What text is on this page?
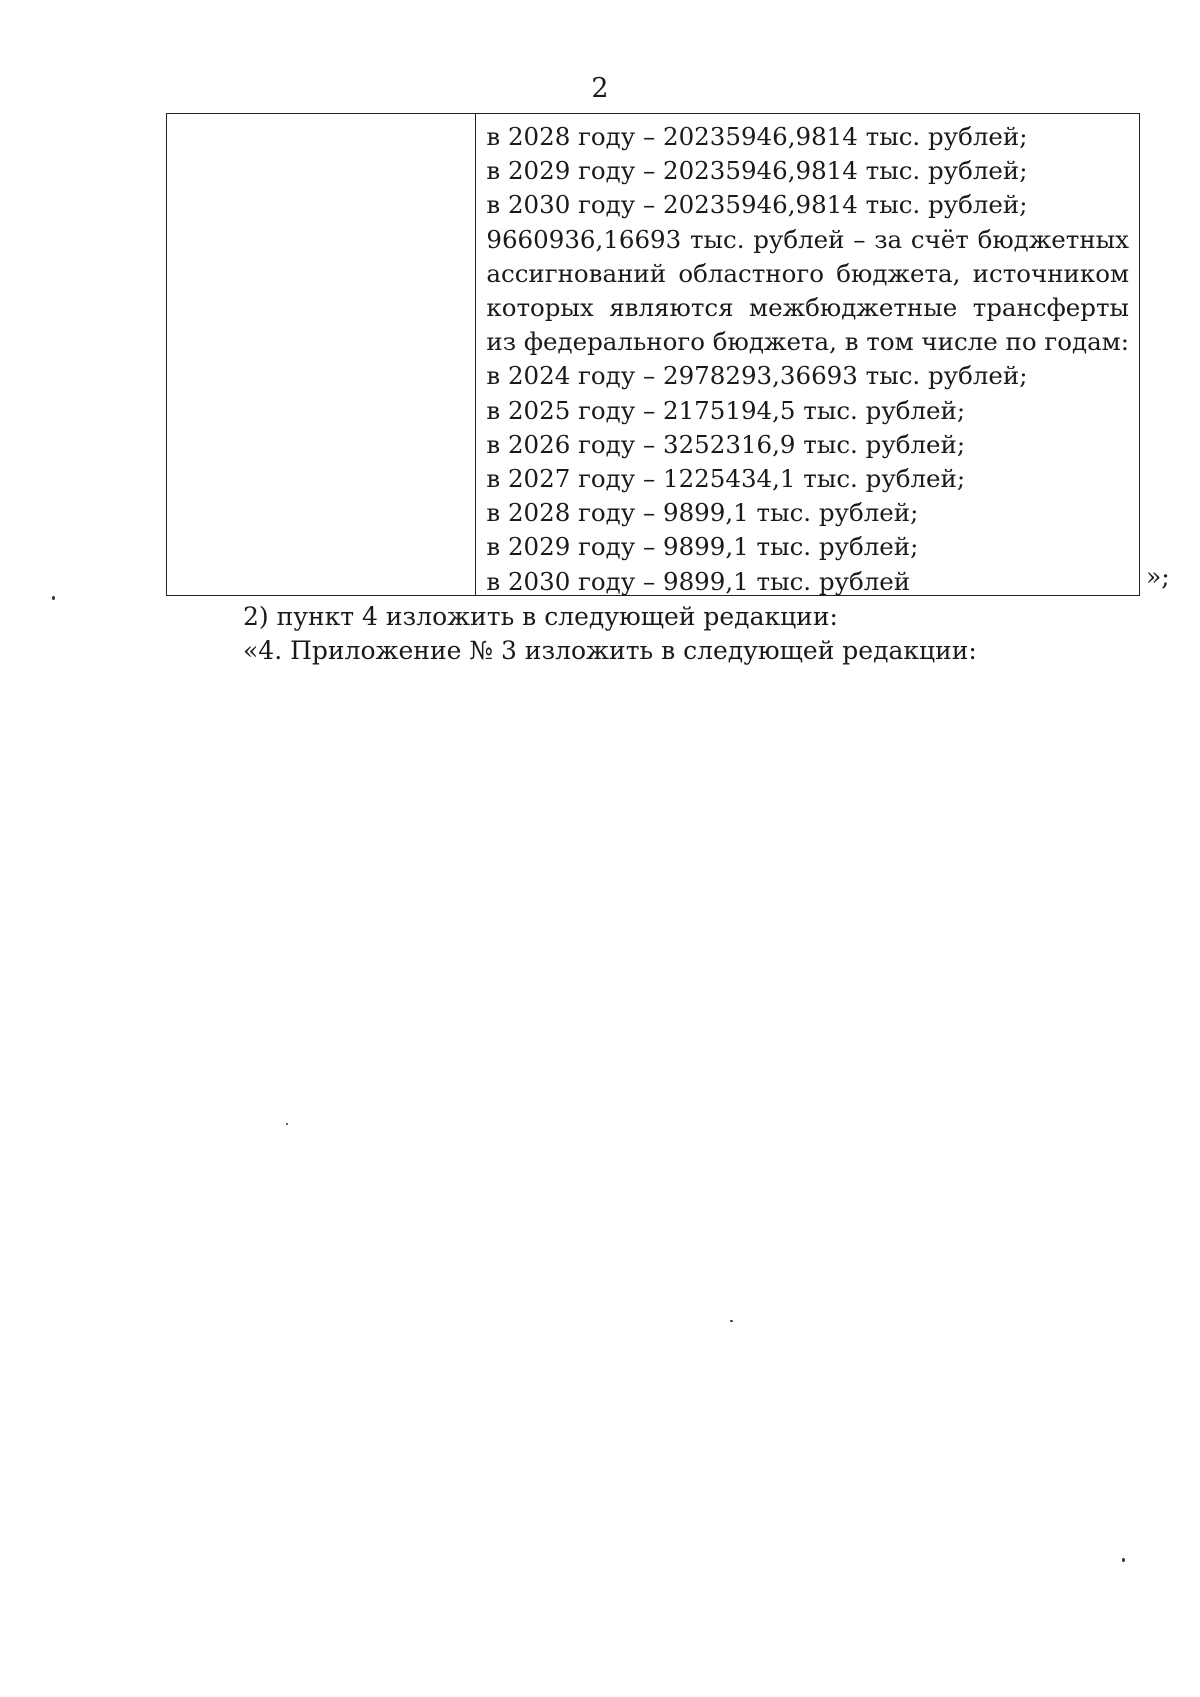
2
в 2028 году – 20235946,9814 тыс. рублей;
в 2029 году – 20235946,9814 тыс. рублей;
в 2030 году – 20235946,9814 тыс. рублей;
9660936,16693 тыс. рублей – за счёт бюджетных
ассигнований областного бюджета, источником
которых являются межбюджетные трансферты
из федерального бюджета, в том числе по годам:
в 2024 году – 2978293,36693 тыс. рублей;
в 2025 году – 2175194,5 тыс. рублей;
в 2026 году – 3252316,9 тыс. рублей;
в 2027 году – 1225434,1 тыс. рублей;
в 2028 году – 9899,1 тыс. рублей;
в 2029 году – 9899,1 тыс. рублей;
в 2030 году – 9899,1 тыс. рублей	»;
2) пункт 4 изложить в следующей редакции:
«4. Приложение № 3 изложить в следующей редакции:
